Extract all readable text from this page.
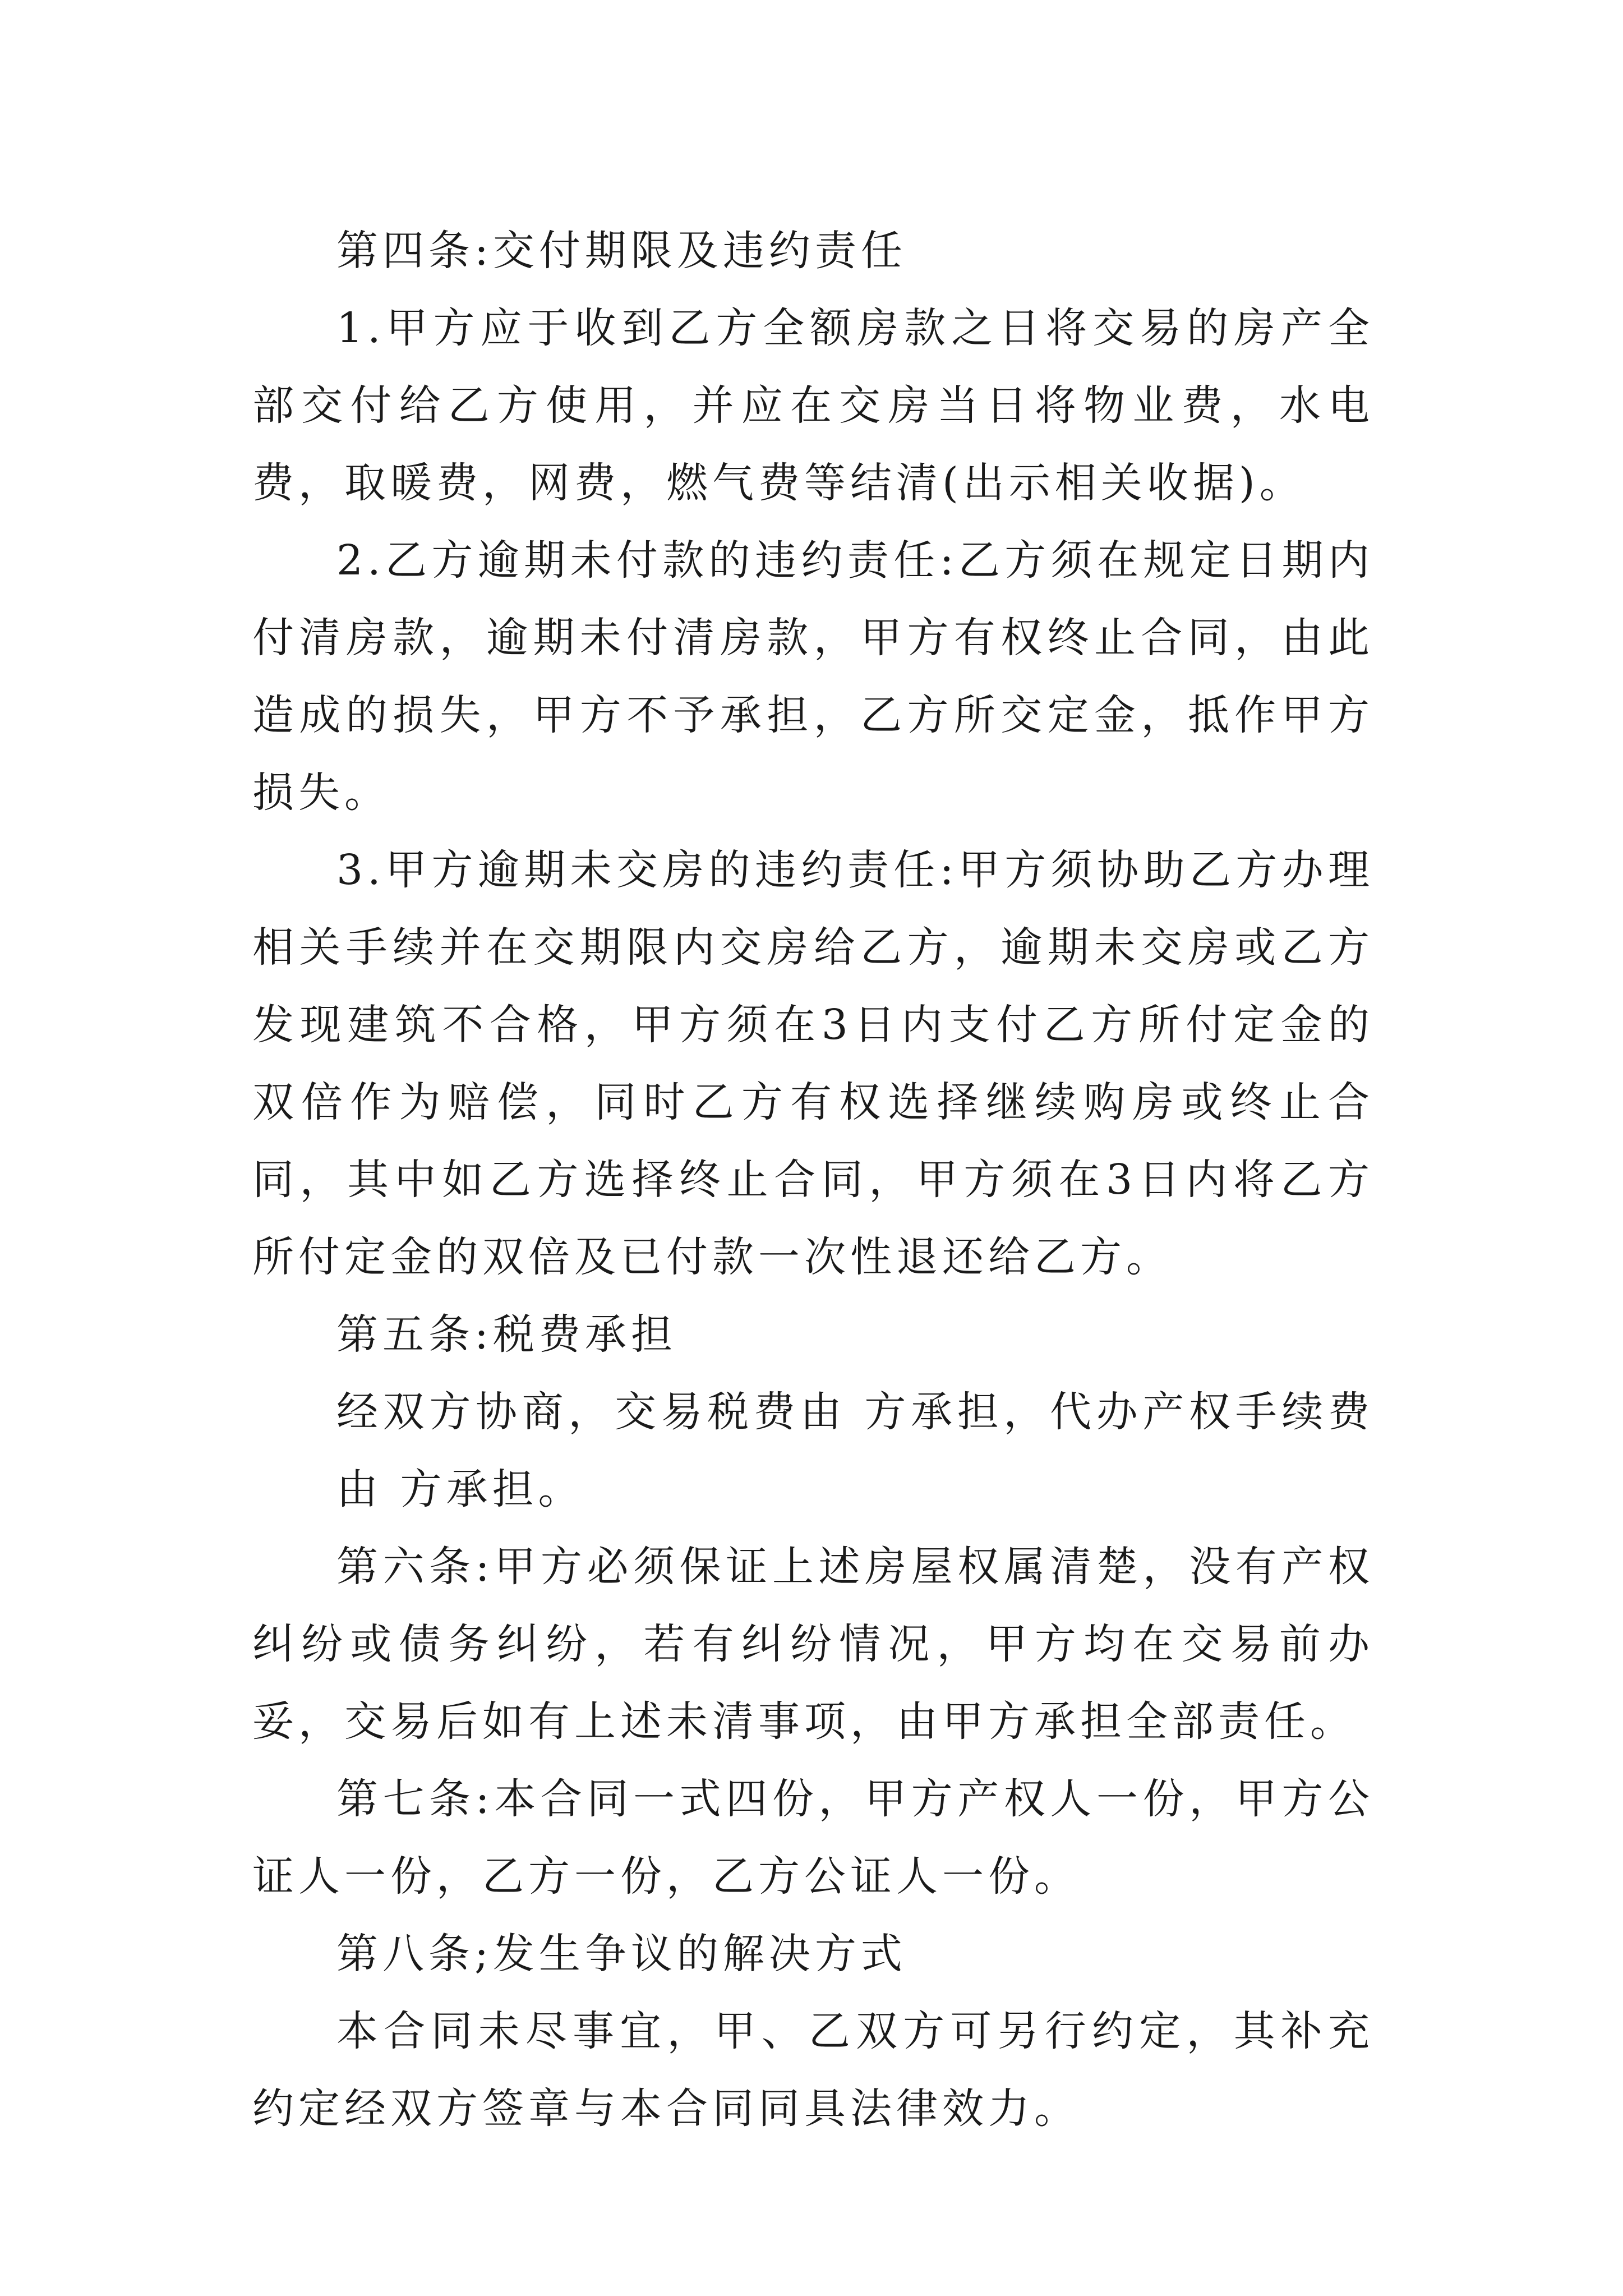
第四条:交付期限及违约责任

1.甲方应于收到乙方全额房款之日将交易的房产全部交付给乙方使用，并应在交房当日将物业费，水电费，取暖费，网费，燃气费等结清(出示相关收据)。

2.乙方逾期未付款的违约责任:乙方须在规定日期内付清房款，逾期未付清房款，甲方有权终止合同，由此造成的损失，甲方不予承担，乙方所交定金，抵作甲方损失。

3.甲方逾期未交房的违约责任:甲方须协助乙方办理相关手续并在交期限内交房给乙方，逾期未交房或乙方发现建筑不合格，甲方须在3日内支付乙方所付定金的双倍作为赔偿，同时乙方有权选择继续购房或终止合同，其中如乙方选择终止合同，甲方须在3日内将乙方所付定金的双倍及已付款一次性退还给乙方。

第五条:税费承担

经双方协商，交易税费由 方承担，代办产权手续费由 方承担。

第六条:甲方必须保证上述房屋权属清楚，没有产权纠纷或债务纠纷，若有纠纷情况，甲方均在交易前办妥，交易后如有上述未清事项，由甲方承担全部责任。

第七条:本合同一式四份，甲方产权人一份，甲方公证人一份，乙方一份，乙方公证人一份。

第八条;发生争议的解决方式

本合同未尽事宜，甲、乙双方可另行约定，其补充约定经双方签章与本合同同具法律效力。
